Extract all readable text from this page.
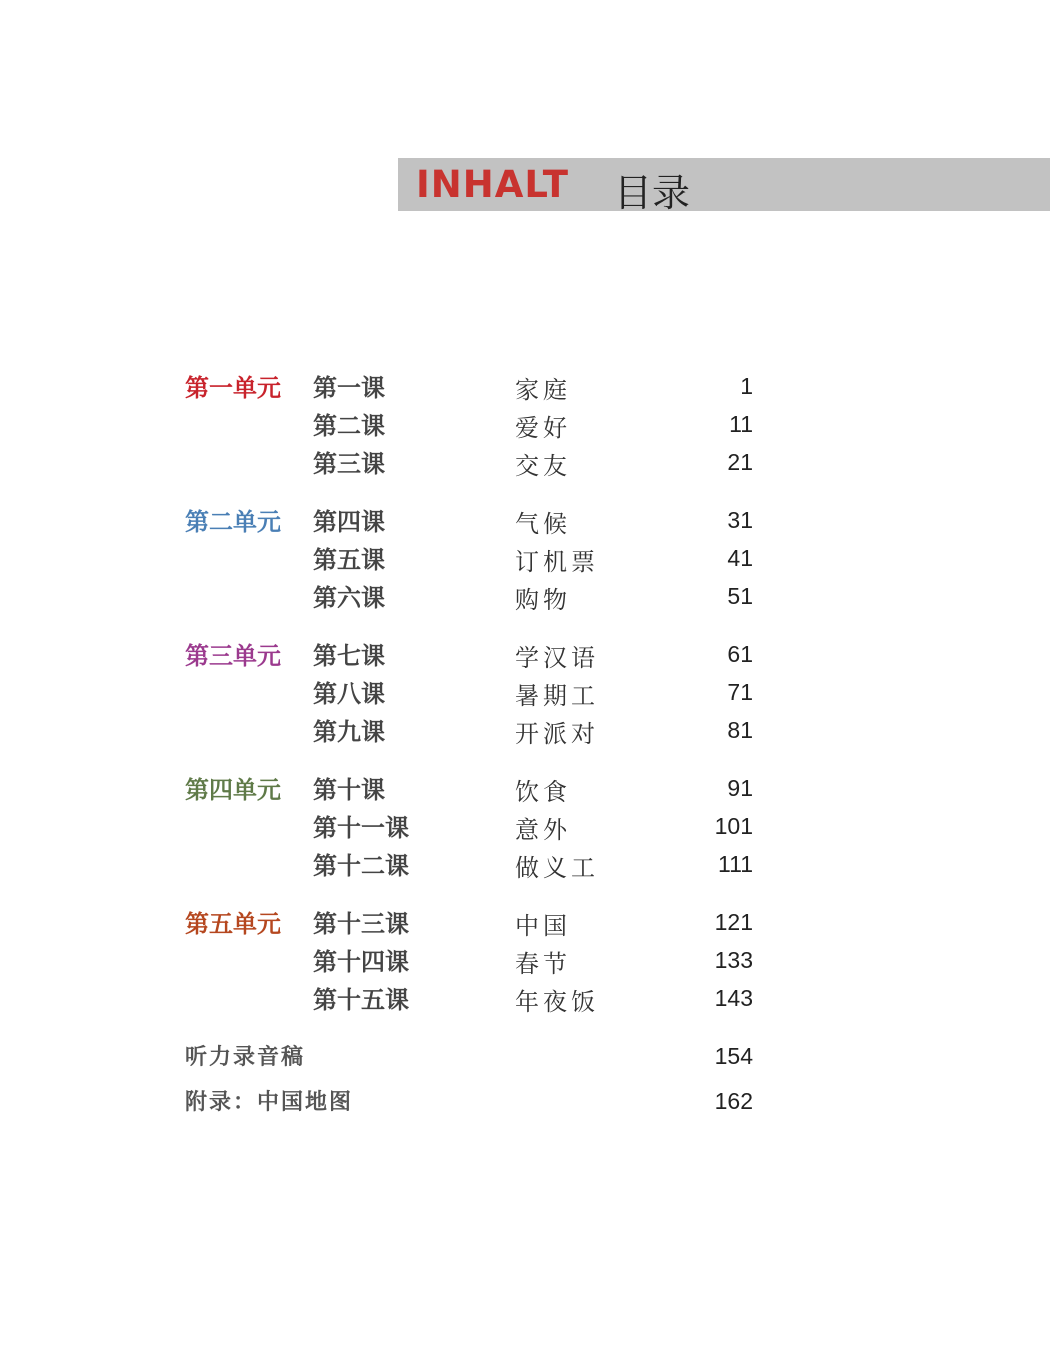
INHALT 目录
第一单元	第一课	家庭	1
第二课	爱好	11
第三课	交友	21
第二单元	第四课	气候	31
第五课	订机票	41
第六课	购物	51
第三单元	第七课	学汉语	61
第八课	暑期工	71
第九课	开派对	81
第四单元	第十课	饮食	91
第十一课	意外	101
第十二课	做义工	111
第五单元	第十三课	中国	121
第十四课	春节	133
第十五课	年夜饭	143
听力录音稿	154
附录：中国地图	162
